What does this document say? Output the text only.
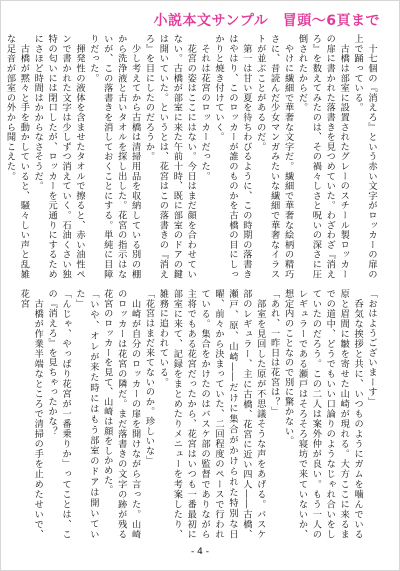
小説本文サンプル　冒頭～6頁まで

　十七個の『消えろ』という赤い文字がロッカーの扉の上で踊っている。

　古橋は部室に設置されたグレーのスチール製ロッカーの扉に書かれた落書きを見つめていた。わざわざ『消えろ』を数えてみたのは、その禍々しさと呪いの深さに圧倒されたからだ。

　やけに繊細で華奢な文字だ。繊細で華奢な絵柄の精巧さに、昔読んだ少女マンガみたいな繊細で華奢なイラストが並ぶことがあるのだ。

　第一は甘い夏を待ちわびるように、この時期の落書きはやはり、このロッカーが誰のものかを古橋の目にしっかりと焼き付けていく。

　それは花宮のロッカーだった。

　花宮の姿はここにはない。今日はまだ顔を合わせていない。古橋が部室に来た午前十時、既に部室のドアの鍵は開いていた。というとは、花宮はこの落書きの『消えろ』を目にしたのだろうか。

　少し考えてから古橋は清掃用品を収納している別の棚から洗浄液と古いタオルを探し出した。花宮の指示はないが、この落書きを消しておくことにする。単純に目障りだった。

　揮発性の液体を含ませたタオルで擦ると、赤い油性ペンで書かれた文字は少しずつ消えていく。石油くさい独特の匂いには閉口したが、ロッカーを元通りにするためにさほど時間はかからなさそうだ。

　古橋が黙々と手を動かしていると、騒々しい声と乱雑な足音が部室の外から聞こえた。

「おはようございまーす」

　呑気な挨拶と共に、いつものようにガムを噛んでいる原と眉間に皺を寄せた山崎が現れる。大方ここに来るまでの道中、どうでもいい口論りのようなじゃれ合いをしていたのだろう。この二人は案外仲が良い。もう一人のレギュラーである瀬戸はそろそろ寝坊で来ていないか、想定内のことなので別に驚かない。

「あれ、一昨日は花宮は？」

　部室を見回した原が不思議そうな声をあげる。バスケ部のレギュラー、主に古橋、花宮に近い四人――古橋、瀬戸、原、山崎――だけに集合がかけられた特別な日曜、前々から決まっていた、二回程度のペースで行われている。集合をかけたのはバスケ部の監督でありながら主将でもある花宮だったから、花宮はいつも一番最初に部室に来て、記録をまとめたりメニューを考案したり、雑務に追われている。

「花宮はまだ来てないのか。珍しいな」

　山崎が自分のロッカーの扉を開けながら言った。山崎のロッカーは花宮の隣だ。まだ落書きの文字の跡が残る花宮のロッカーを見て、山崎は顔をしかめた。

「いや、オレが来た時にはもう部室のドアは開いていた」

「んじゃ、やっぱり花宮が一番乗りか」ってことは、この『消えろ』を見ちゃったかな？

　古橋が作業半端なところで清掃の手を止めたせいで、花宮

- 4 -
